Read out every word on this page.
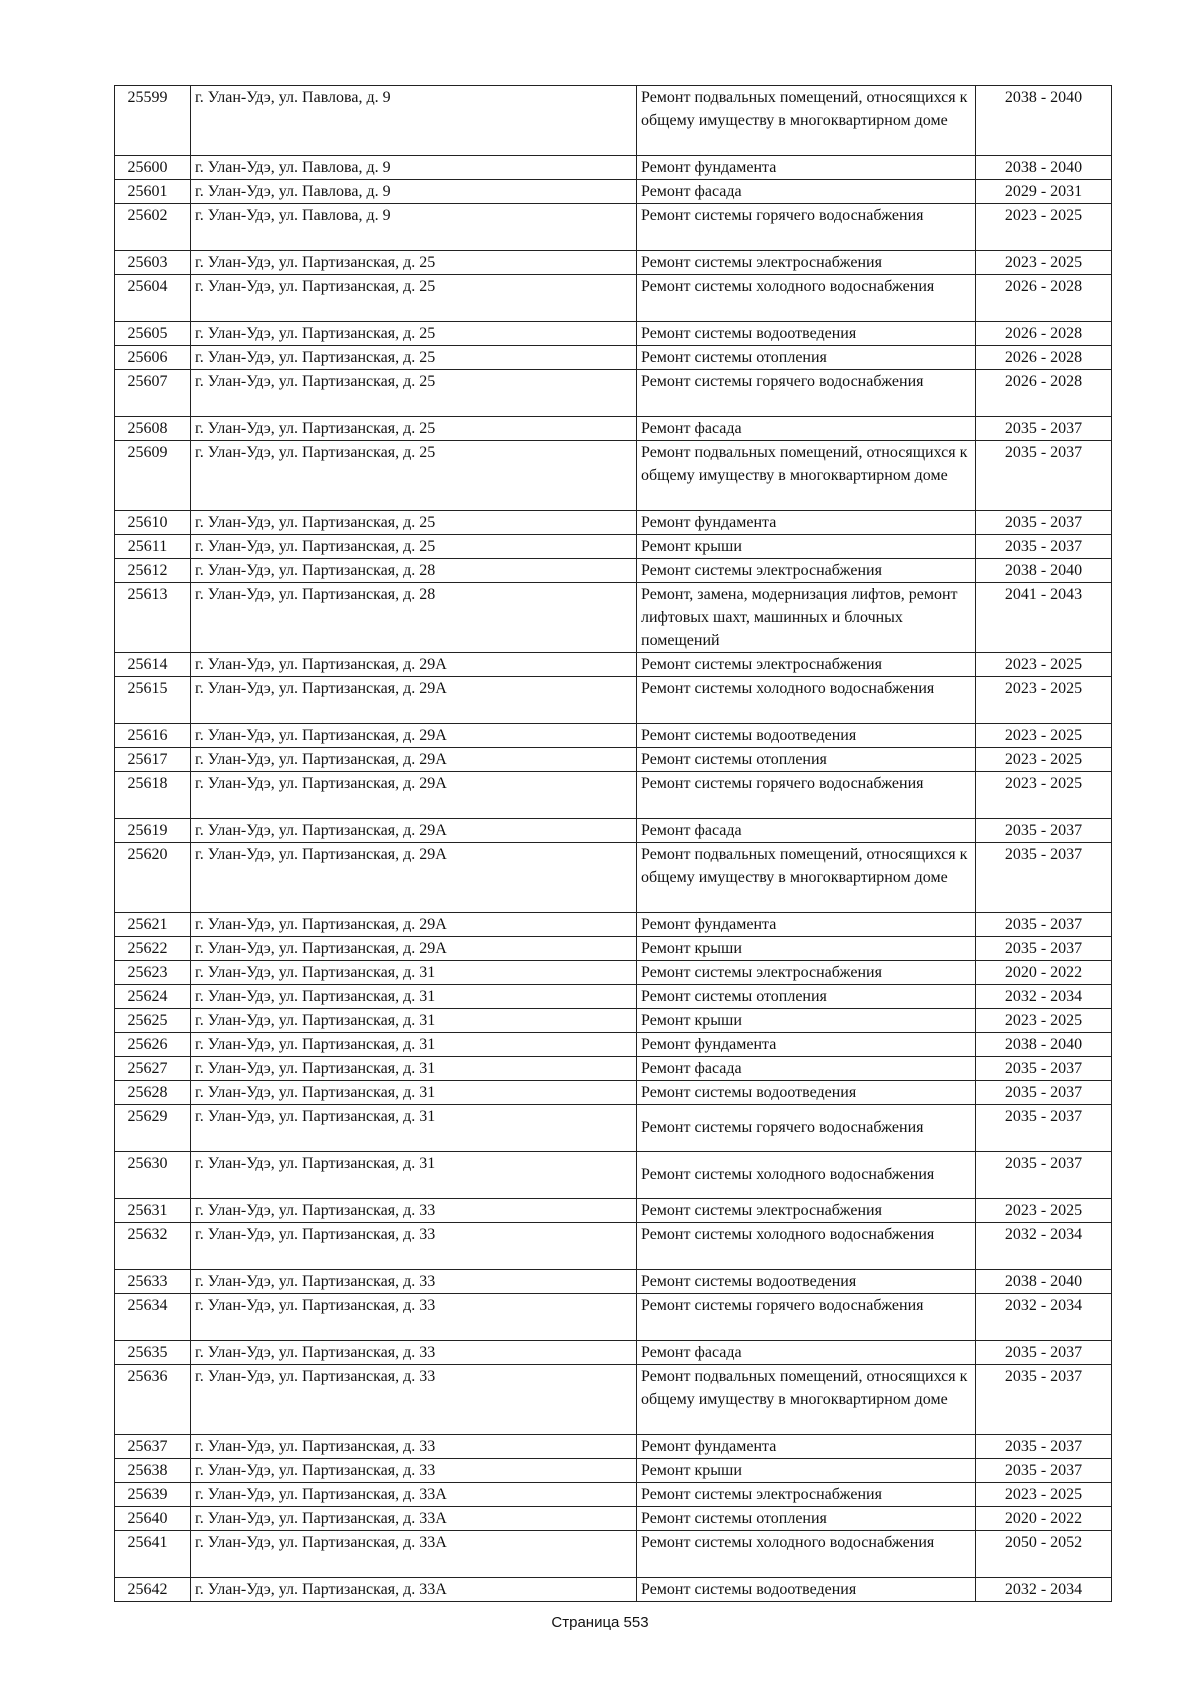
25599	г. Улан-Удэ, ул. Павлова, д. 9	Ремонт подвальных помещений, относящихся к общему имуществу в многоквартирном доме	2038 - 2040
25600	г. Улан-Удэ, ул. Павлова, д. 9	Ремонт фундамента	2038 - 2040
25601	г. Улан-Удэ, ул. Павлова, д. 9	Ремонт фасада	2029 - 2031
25602	г. Улан-Удэ, ул. Павлова, д. 9	Ремонт системы горячего водоснабжения	2023 - 2025
25603	г. Улан-Удэ, ул. Партизанская, д. 25	Ремонт системы электроснабжения	2023 - 2025
25604	г. Улан-Удэ, ул. Партизанская, д. 25	Ремонт системы холодного водоснабжения	2026 - 2028
25605	г. Улан-Удэ, ул. Партизанская, д. 25	Ремонт системы водоотведения	2026 - 2028
25606	г. Улан-Удэ, ул. Партизанская, д. 25	Ремонт системы отопления	2026 - 2028
25607	г. Улан-Удэ, ул. Партизанская, д. 25	Ремонт системы горячего водоснабжения	2026 - 2028
25608	г. Улан-Удэ, ул. Партизанская, д. 25	Ремонт фасада	2035 - 2037
25609	г. Улан-Удэ, ул. Партизанская, д. 25	Ремонт подвальных помещений, относящихся к общему имуществу в многоквартирном доме	2035 - 2037
25610	г. Улан-Удэ, ул. Партизанская, д. 25	Ремонт фундамента	2035 - 2037
25611	г. Улан-Удэ, ул. Партизанская, д. 25	Ремонт крыши	2035 - 2037
25612	г. Улан-Удэ, ул. Партизанская, д. 28	Ремонт системы электроснабжения	2038 - 2040
25613	г. Улан-Удэ, ул. Партизанская, д. 28	Ремонт, замена, модернизация лифтов, ремонт лифтовых шахт, машинных и блочных помещений	2041 - 2043
25614	г. Улан-Удэ, ул. Партизанская, д. 29А	Ремонт системы электроснабжения	2023 - 2025
25615	г. Улан-Удэ, ул. Партизанская, д. 29А	Ремонт системы холодного водоснабжения	2023 - 2025
25616	г. Улан-Удэ, ул. Партизанская, д. 29А	Ремонт системы водоотведения	2023 - 2025
25617	г. Улан-Удэ, ул. Партизанская, д. 29А	Ремонт системы отопления	2023 - 2025
25618	г. Улан-Удэ, ул. Партизанская, д. 29А	Ремонт системы горячего водоснабжения	2023 - 2025
25619	г. Улан-Удэ, ул. Партизанская, д. 29А	Ремонт фасада	2035 - 2037
25620	г. Улан-Удэ, ул. Партизанская, д. 29А	Ремонт подвальных помещений, относящихся к общему имуществу в многоквартирном доме	2035 - 2037
25621	г. Улан-Удэ, ул. Партизанская, д. 29А	Ремонт фундамента	2035 - 2037
25622	г. Улан-Удэ, ул. Партизанская, д. 29А	Ремонт крыши	2035 - 2037
25623	г. Улан-Удэ, ул. Партизанская, д. 31	Ремонт системы электроснабжения	2020 - 2022
25624	г. Улан-Удэ, ул. Партизанская, д. 31	Ремонт системы отопления	2032 - 2034
25625	г. Улан-Удэ, ул. Партизанская, д. 31	Ремонт крыши	2023 - 2025
25626	г. Улан-Удэ, ул. Партизанская, д. 31	Ремонт фундамента	2038 - 2040
25627	г. Улан-Удэ, ул. Партизанская, д. 31	Ремонт фасада	2035 - 2037
25628	г. Улан-Удэ, ул. Партизанская, д. 31	Ремонт системы водоотведения	2035 - 2037
25629	г. Улан-Удэ, ул. Партизанская, д. 31	Ремонт системы горячего водоснабжения	2035 - 2037
25630	г. Улан-Удэ, ул. Партизанская, д. 31	Ремонт системы холодного водоснабжения	2035 - 2037
25631	г. Улан-Удэ, ул. Партизанская, д. 33	Ремонт системы электроснабжения	2023 - 2025
25632	г. Улан-Удэ, ул. Партизанская, д. 33	Ремонт системы холодного водоснабжения	2032 - 2034
25633	г. Улан-Удэ, ул. Партизанская, д. 33	Ремонт системы водоотведения	2038 - 2040
25634	г. Улан-Удэ, ул. Партизанская, д. 33	Ремонт системы горячего водоснабжения	2032 - 2034
25635	г. Улан-Удэ, ул. Партизанская, д. 33	Ремонт фасада	2035 - 2037
25636	г. Улан-Удэ, ул. Партизанская, д. 33	Ремонт подвальных помещений, относящихся к общему имуществу в многоквартирном доме	2035 - 2037
25637	г. Улан-Удэ, ул. Партизанская, д. 33	Ремонт фундамента	2035 - 2037
25638	г. Улан-Удэ, ул. Партизанская, д. 33	Ремонт крыши	2035 - 2037
25639	г. Улан-Удэ, ул. Партизанская, д. 33А	Ремонт системы электроснабжения	2023 - 2025
25640	г. Улан-Удэ, ул. Партизанская, д. 33А	Ремонт системы отопления	2020 - 2022
25641	г. Улан-Удэ, ул. Партизанская, д. 33А	Ремонт системы холодного водоснабжения	2050 - 2052
25642	г. Улан-Удэ, ул. Партизанская, д. 33А	Ремонт системы водоотведения	2032 - 2034
Страница 553
